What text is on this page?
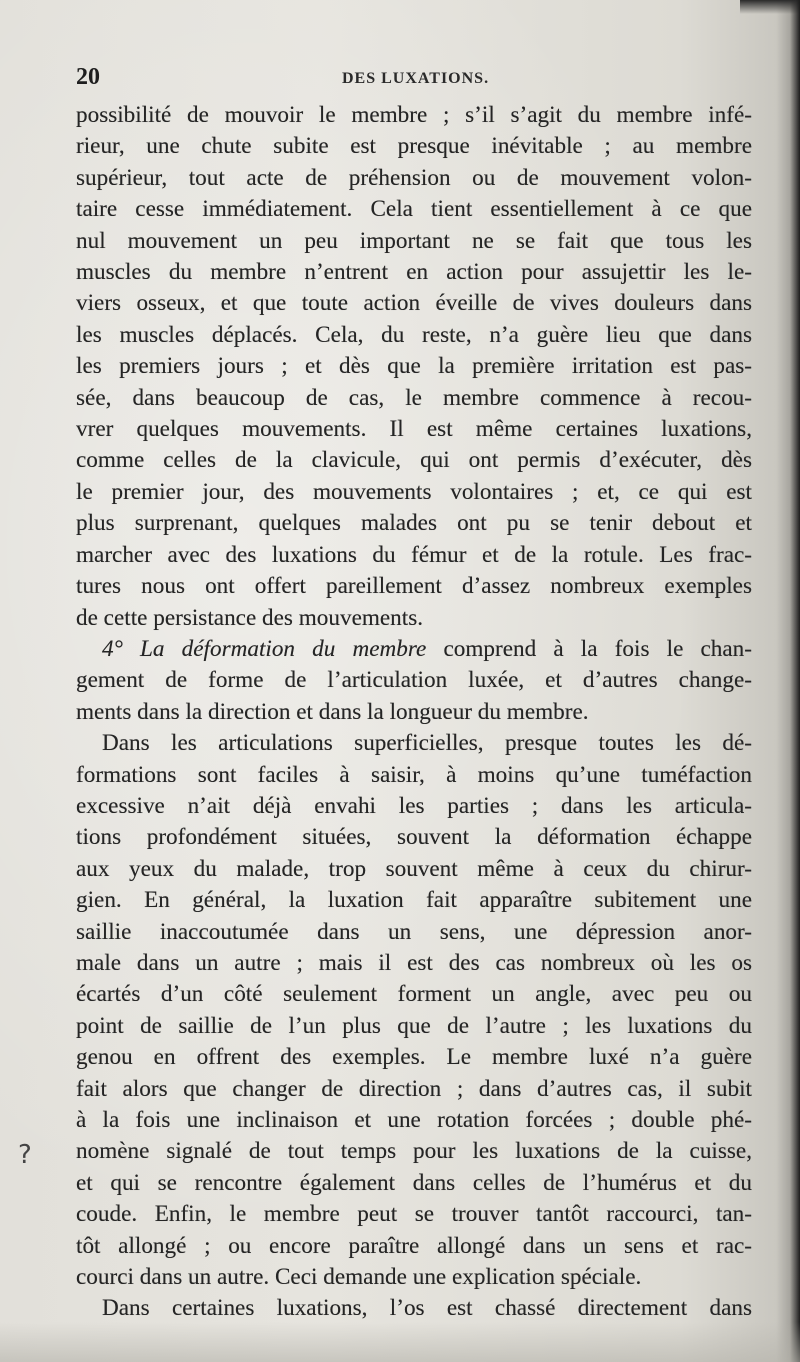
20	DES LUXATIONS.
?

possibilité de mouvoir le membre ; s’il s’agit du membre infé-

rieur, une chute subite est presque inévitable ; au membre

supérieur, tout acte de préhension ou de mouvement volon-

taire cesse immédiatement. Cela tient essentiellement à ce que

nul mouvement un peu important ne se fait que tous les

muscles du membre n’entrent en action pour assujettir les le-

viers osseux, et que toute action éveille de vives douleurs dans

les muscles déplacés. Cela, du reste, n’a guère lieu que dans

les premiers jours ; et dès que la première irritation est pas-

sée, dans beaucoup de cas, le membre commence à recou-

vrer quelques mouvements. Il est même certaines luxations,

comme celles de la clavicule, qui ont permis d’exécuter, dès

le premier jour, des mouvements volontaires ; et, ce qui est

plus surprenant, quelques malades ont pu se tenir debout et

marcher avec des luxations du fémur et de la rotule. Les frac-

tures nous ont offert pareillement d’assez nombreux exemples

de cette persistance des mouvements.

4° La déformation du membre comprend à la fois le chan-

gement de forme de l’articulation luxée, et d’autres change-

ments dans la direction et dans la longueur du membre.

Dans les articulations superficielles, presque toutes les dé-

formations sont faciles à saisir, à moins qu’une tuméfaction

excessive n’ait déjà envahi les parties ; dans les articula-

tions profondément situées, souvent la déformation échappe

aux yeux du malade, trop souvent même à ceux du chirur-

gien. En général, la luxation fait apparaître subitement une

saillie inaccoutumée dans un sens, une dépression anor-

male dans un autre ; mais il est des cas nombreux où les os

écartés d’un côté seulement forment un angle, avec peu ou

point de saillie de l’un plus que de l’autre ; les luxations du

genou en offrent des exemples. Le membre luxé n’a guère

fait alors que changer de direction ; dans d’autres cas, il subit

à la fois une inclinaison et une rotation forcées ; double phé-

nomène signalé de tout temps pour les luxations de la cuisse,

et qui se rencontre également dans celles de l’humérus et du

coude. Enfin, le membre peut se trouver tantôt raccourci, tan-

tôt allongé ; ou encore paraître allongé dans un sens et rac-

courci dans un autre. Ceci demande une explication spéciale.

Dans certaines luxations, l’os est chassé directement dans
